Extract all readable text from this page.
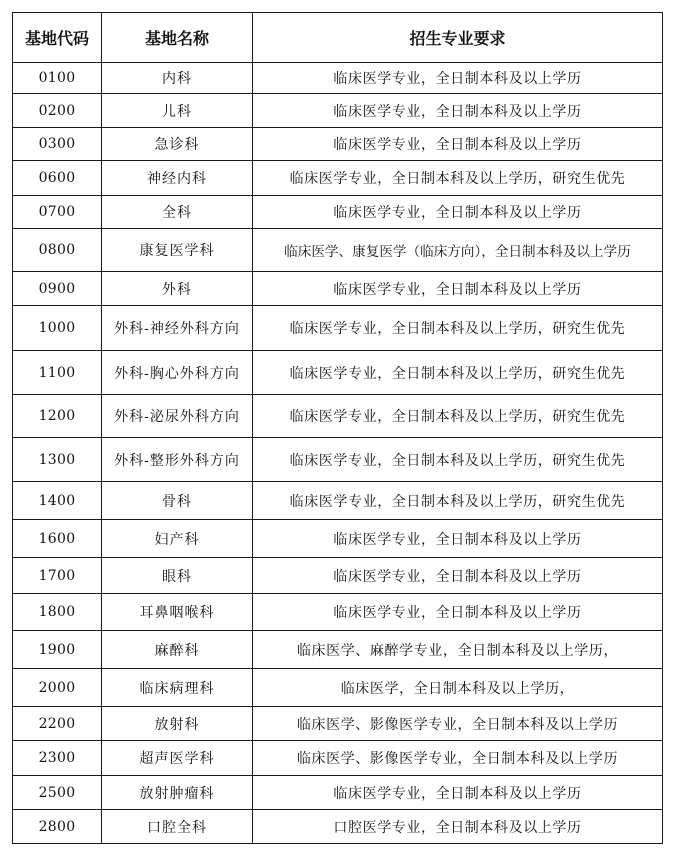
基地代码	基地名称	招生专业要求
0100	内科	临床医学专业，全日制本科及以上学历
0200	儿科	临床医学专业，全日制本科及以上学历
0300	急诊科	临床医学专业，全日制本科及以上学历
0600	神经内科	临床医学专业，全日制本科及以上学历，研究生优先
0700	全科	临床医学专业，全日制本科及以上学历
0800	康复医学科	临床医学、康复医学（临床方向），全日制本科及以上学历
0900	外科	临床医学专业，全日制本科及以上学历
1000	外科-神经外科方向	临床医学专业，全日制本科及以上学历，研究生优先
1100	外科-胸心外科方向	临床医学专业，全日制本科及以上学历，研究生优先
1200	外科-泌尿外科方向	临床医学专业，全日制本科及以上学历，研究生优先
1300	外科-整形外科方向	临床医学专业，全日制本科及以上学历，研究生优先
1400	骨科	临床医学专业，全日制本科及以上学历，研究生优先
1600	妇产科	临床医学专业，全日制本科及以上学历
1700	眼科	临床医学专业，全日制本科及以上学历
1800	耳鼻咽喉科	临床医学专业，全日制本科及以上学历
1900	麻醉科	临床医学、麻醉学专业，全日制本科及以上学历，
2000	临床病理科	临床医学，全日制本科及以上学历，
2200	放射科	临床医学、影像医学专业，全日制本科及以上学历
2300	超声医学科	临床医学、影像医学专业，全日制本科及以上学历
2500	放射肿瘤科	临床医学专业，全日制本科及以上学历
2800	口腔全科	口腔医学专业，全日制本科及以上学历
